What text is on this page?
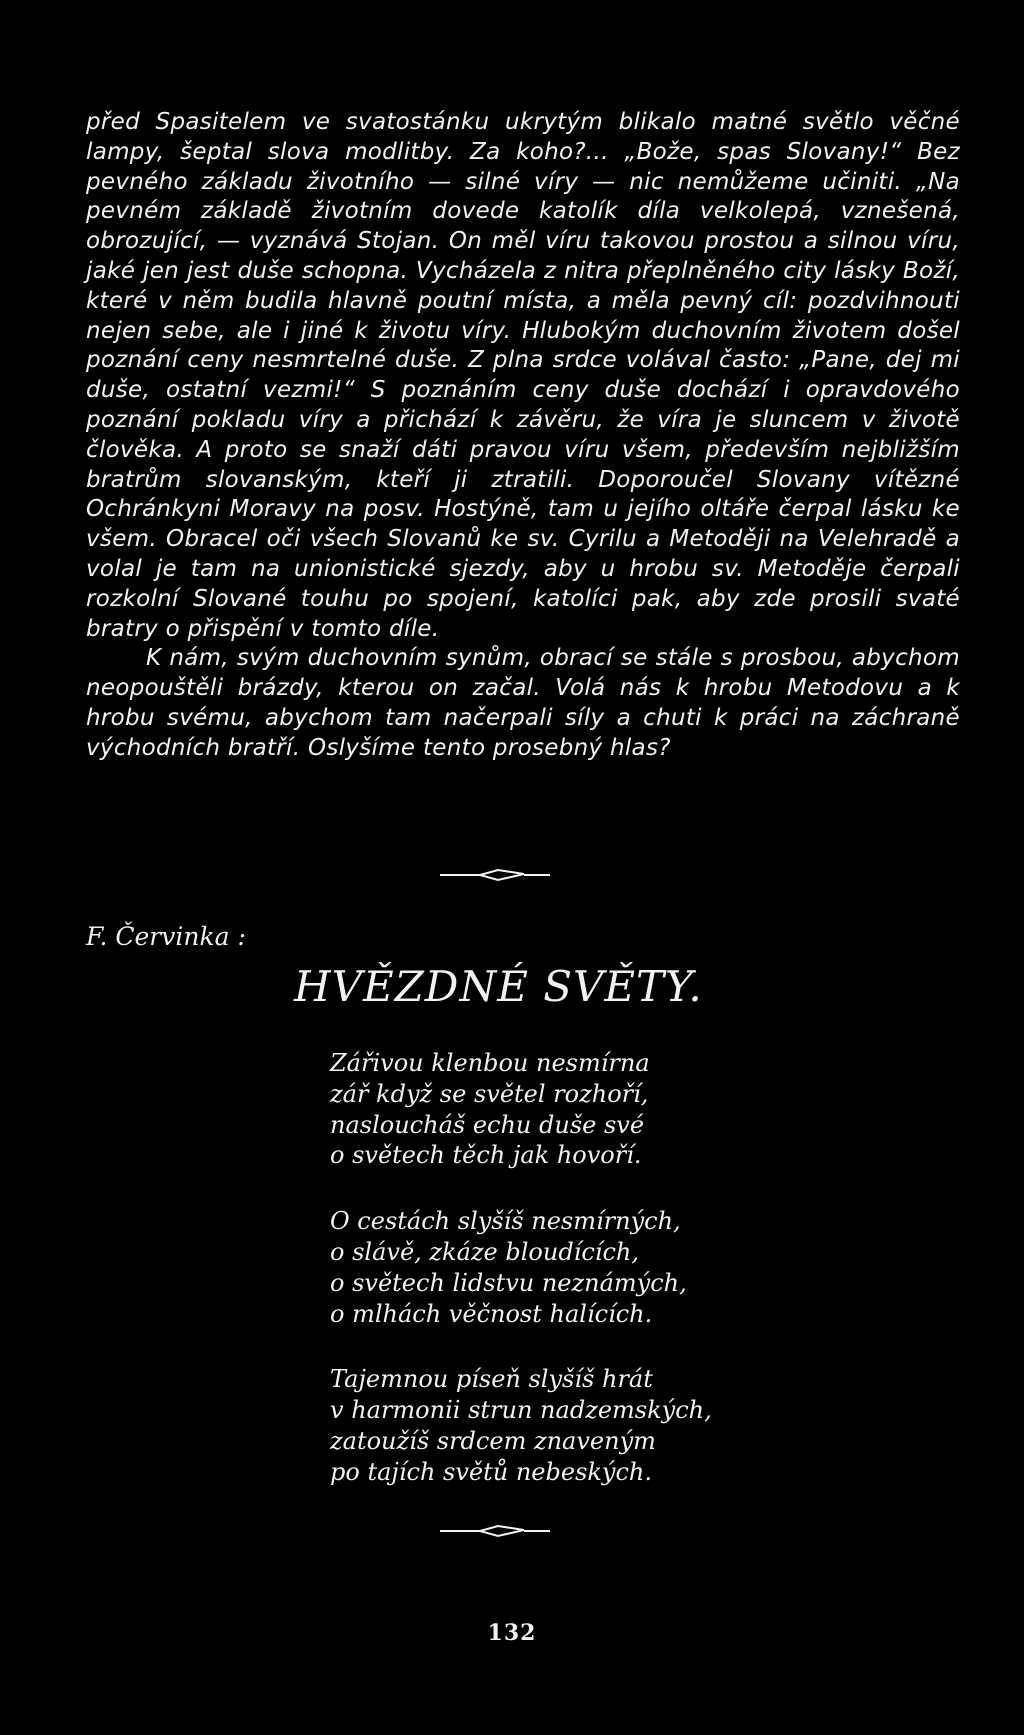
před Spasitelem ve svatostánku ukrytým blikalo matné světlo věčné lampy, šeptal slova modlitby. Za koho?... „Bože, spas Slovany!“ Bez pevného základu životního — silné víry — nic nemůžeme učiniti. „Na pevném základě životním dovede katolík díla velkolepá, vznešená, obrozující, — vyznává Stojan. On měl víru takovou prostou a silnou víru, jaké jen jest duše schopna. Vycházela z nitra přeplněného city lásky Boží, které v něm budila hlavně poutní místa, a měla pevný cíl: pozdvihnouti nejen sebe, ale i jiné k životu víry. Hlubokým duchovním životem došel poznání ceny nesmrtelné duše. Z plna srdce volával často: „Pane, dej mi duše, ostatní vezmi!“ S poznáním ceny duše dochází i opravdového poznání pokladu víry a přichází k závěru, že víra je sluncem v životě člověka. A proto se snaží dáti pravou víru všem, především nejbližším bratrům slovanským, kteří ji ztratili. Doporoučel Slovany vítězné Ochránkyni Moravy na posv. Hostýně, tam u jejího oltáře čerpal lásku ke všem. Obracel oči všech Slovanů ke sv. Cyrilu a Metoději na Velehradě a volal je tam na unionistické sjezdy, aby u hrobu sv. Metoděje čerpali rozkolní Slované touhu po spojení, katolíci pak, aby zde prosili svaté bratry o přispění v tomto díle.

K nám, svým duchovním synům, obrací se stále s prosbou, abychom neopouštěli brázdy, kterou on začal. Volá nás k hrobu Metodovu a k hrobu svému, abychom tam načerpali síly a chuti k práci na záchraně východních bratří. Oslyšíme tento prosebný hlas?

F. Červinka :
HVĚZDNÉ SVĚTY.
Zářivou klenbou nesmírna
zář když se světel rozhoří,
nasloucháš echu duše své
o světech těch jak hovoří.
O cestách slyšíš nesmírných,
o slávě, zkáze bloudících,
o světech lidstvu neznámých,
o mlhách věčnost halících.
Tajemnou píseň slyšíš hrát
v harmonii strun nadzemských,
zatoužíš srdcem znaveným
po tajích světů nebeských.
132
